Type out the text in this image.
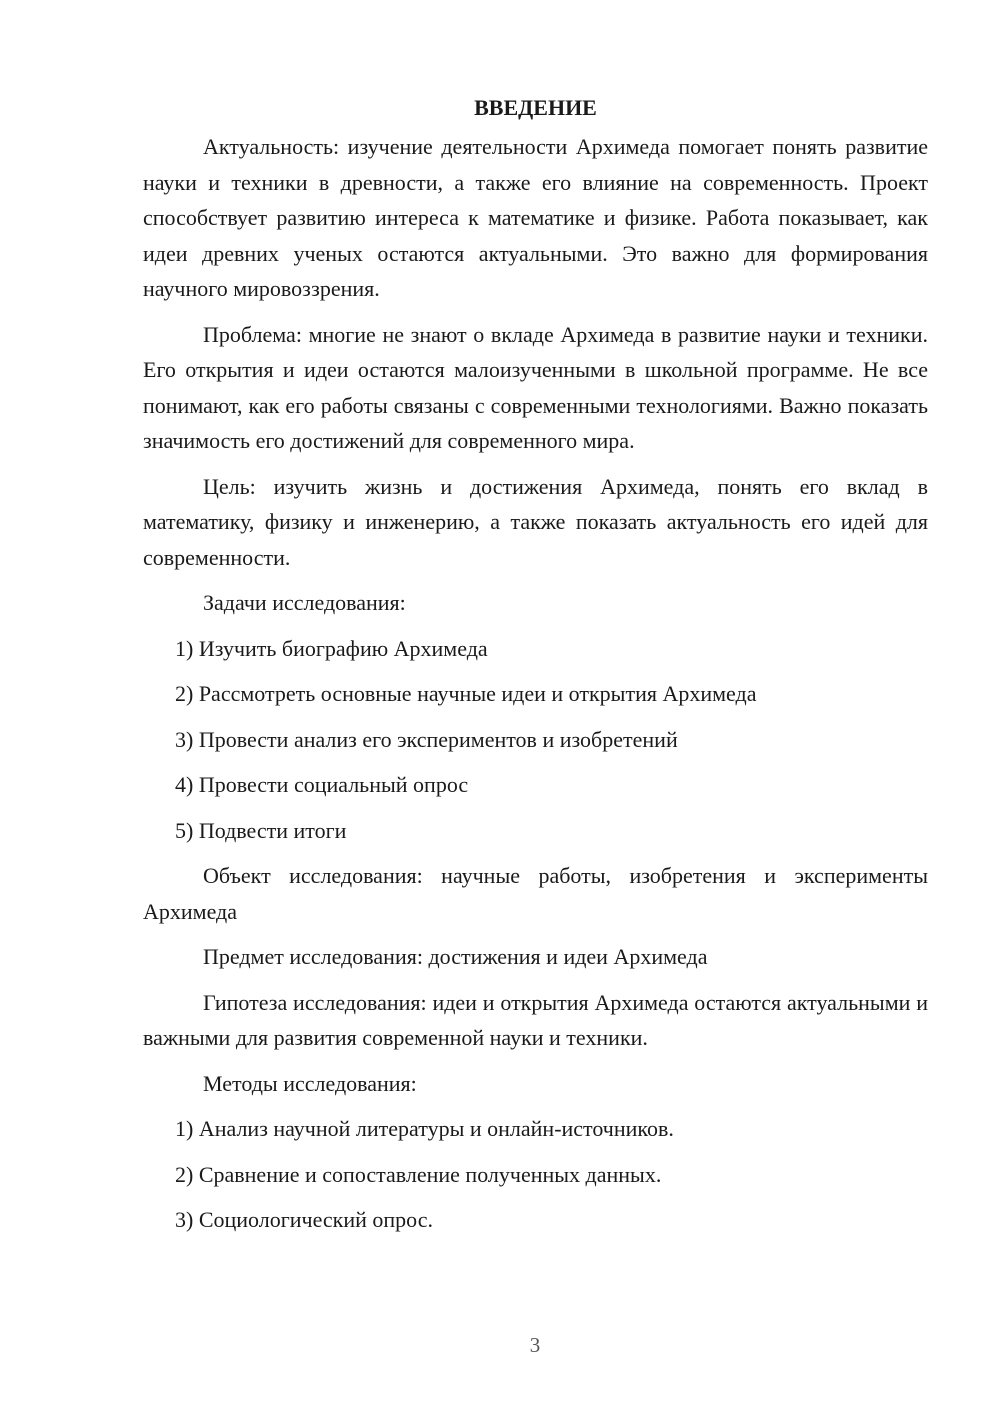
ВВЕДЕНИЕ

Актуальность: изучение деятельности Архимеда помогает понять развитие науки и техники в древности, а также его влияние на современность. Проект способствует развитию интереса к математике и физике. Работа показывает, как идеи древних ученых остаются актуальными. Это важно для формирования научного мировоззрения.

Проблема: многие не знают о вкладе Архимеда в развитие науки и техники. Его открытия и идеи остаются малоизученными в школьной программе. Не все понимают, как его работы связаны с современными технологиями. Важно показать значимость его достижений для современного мира.

Цель: изучить жизнь и достижения Архимеда, понять его вклад в математику, физику и инженерию, а также показать актуальность его идей для современности.

Задачи исследования:

1) Изучить биографию Архимеда
2) Рассмотреть основные научные идеи и открытия Архимеда
3) Провести анализ его экспериментов и изобретений
4) Провести социальный опрос
5) Подвести итоги

Объект исследования: научные работы, изобретения и эксперименты Архимеда

Предмет исследования: достижения и идеи Архимеда

Гипотеза исследования: идеи и открытия Архимеда остаются актуальными и важными для развития современной науки и техники.

Методы исследования:

1) Анализ научной литературы и онлайн-источников.
2) Сравнение и сопоставление полученных данных.
3) Социологический опрос.
3
